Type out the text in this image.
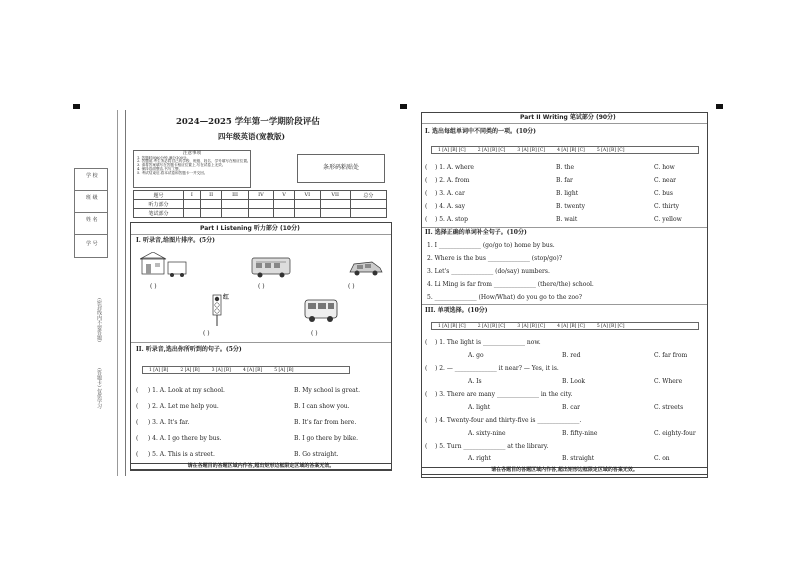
学 校
班 级
姓 名
学 号
(密封线内不要答题)
(答题卡) 仅供学习
2024—2025 学年第一学期阶段评估
四年级英语(宽教版)
注意事项
1. 答题时间60分钟,满分100分。
2. 答题前,考生务必将自己的学校、班级、姓名、学号填写在相应位置。
3. 请将答案填写在答题卡相应位置上,写在试卷上无效。
4. 保持卷面整洁,书写工整。
5. 考试结束后,将本试卷和答题卡一并交回。
条形码粘贴处
题号	I	II	III	IV	V	VI	VII	总分
听力部分								
笔试部分								
Part I Listening 听力部分 (10分)
I. 听录音,给图片排序。(5分)
( )	( )	( )
红
( )	( )
II. 听录音,选出你所听到的句子。(5分)
1 [A] [B]	2 [A] [B]	3 [A] [B]	4 [A] [B]	5 [A] [B]
(     ) 1. A. Look at my school.	B. My school is great.
(     ) 2. A. Let me help you.	B. I can show you.
(     ) 3. A. It's far.	B. It's far from here.
(     ) 4. A. I go there by bus.	B. I go there by bike.
(     ) 5. A. This is a street.	B. Go straight.
请在各题目的答题区域内作答,超出矩形边框限定区域的答案无效。
Part II Writing 笔试部分 (90分)
I. 选出每组单词中不同类的一项。(10分)
1 [A] [B] [C]	2 [A] [B] [C]	3 [A] [B] [C]	4 [A] [B] [C]	5 [A] [B] [C]
(    ) 1. A. where	B. the	C. how
(    ) 2. A. from	B. far	C. near
(    ) 3. A. car	B. light	C. bus
(    ) 4. A. say	B. twenty	C. thirty
(    ) 5. A. stop	B. wait	C. yellow
II. 选择正确的单词补全句子。(10分)
1. I ______________ (go/go to) home by bus.
2. Where is the bus ______________ (stop/go)?
3. Let's ______________ (do/say) numbers.
4. Li Ming is far from ______________ (there/the) school.
5. ______________ (How/What) do you go to the zoo?
III. 单项选择。(10分)
1 [A] [B] [C]	2 [A] [B] [C]	3 [A] [B] [C]	4 [A] [B] [C]	5 [A] [B] [C]
(    ) 1. The light is ______________ now.
A. go	B. red	C. far from
(    ) 2. — ______________ it near? — Yes, it is.
A. Is	B. Look	C. Where
(    ) 3. There are many ______________ in the city.
A. light	B. car	C. streets
(    ) 4. Twenty-four and thirty-five is ______________.
A. sixty-nine	B. fifty-nine	C. eighty-four
(    ) 5. Turn ______________ at the library.
A. right	B. straight	C. on
请在各题目的答题区域内作答,超出矩形边框限定区域的答案无效。
